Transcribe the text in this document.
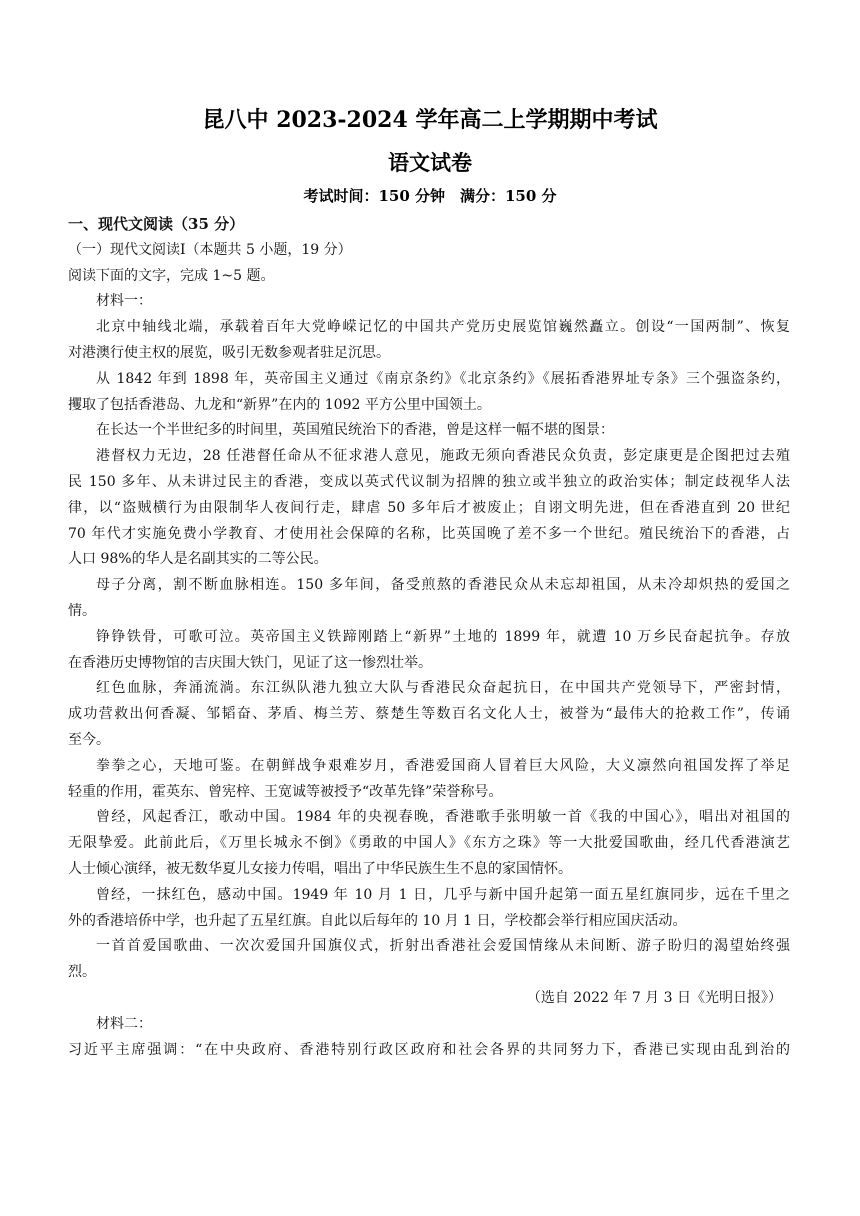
昆八中 2023-2024 学年高二上学期期中考试
语文试卷
考试时间：150 分钟　满分：150 分
一、现代文阅读（35 分）
（一）现代文阅读Ⅰ（本题共 5 小题，19 分）
阅读下面的文字，完成 1~5 题。
材料一：
北京中轴线北端，承载着百年大党峥嵘记忆的中国共产党历史展览馆巍然矗立。创设“一国两制”、恢复
对港澳行使主权的展览，吸引无数参观者驻足沉思。
从 1842 年到 1898 年，英帝国主义通过《南京条约》《北京条约》《展拓香港界址专条》三个强盗条约，
攫取了包括香港岛、九龙和“新界”在内的 1092 平方公里中国领土。
在长达一个半世纪多的时间里，英国殖民统治下的香港，曾是这样一幅不堪的图景：
港督权力无边，28 任港督任命从不征求港人意见，施政无须向香港民众负责，彭定康更是企图把过去殖
民 150 多年、从未讲过民主的香港，变成以英式代议制为招牌的独立或半独立的政治实体；制定歧视华人法
律，以“盗贼横行为由限制华人夜间行走，肆虐 50 多年后才被废止；自诩文明先进，但在香港直到 20 世纪
70 年代才实施免费小学教育、才使用社会保障的名称，比英国晚了差不多一个世纪。殖民统治下的香港，占
人口 98%的华人是名副其实的二等公民。
母子分离，割不断血脉相连。150 多年间，备受煎熬的香港民众从未忘却祖国，从未冷却炽热的爱国之
情。
铮铮铁骨，可歌可泣。英帝国主义铁蹄刚踏上“新界”土地的 1899 年，就遭 10 万乡民奋起抗争。存放
在香港历史博物馆的吉庆围大铁门，见证了这一惨烈壮举。
红色血脉，奔涌流淌。东江纵队港九独立大队与香港民众奋起抗日，在中国共产党领导下，严密封情，
成功营救出何香凝、邹韬奋、茅盾、梅兰芳、蔡楚生等数百名文化人士，被誉为“最伟大的抢救工作”，传诵
至今。
拳拳之心，天地可鉴。在朝鲜战争艰难岁月，香港爱国商人冒着巨大风险，大义凛然向祖国发挥了举足
轻重的作用，霍英东、曾宪梓、王宽诚等被授予“改革先锋”荣誉称号。
曾经，风起香江，歌动中国。1984 年的央视春晚，香港歌手张明敏一首《我的中国心》，唱出对祖国的
无限挚爱。此前此后，《万里长城永不倒》《勇敢的中国人》《东方之珠》等一大批爱国歌曲，经几代香港演艺
人士倾心演绎，被无数华夏儿女接力传唱，唱出了中华民族生生不息的家国情怀。
曾经，一抹红色，感动中国。1949 年 10 月 1 日，几乎与新中国升起第一面五星红旗同步，远在千里之
外的香港培侨中学，也升起了五星红旗。自此以后每年的 10 月 1 日，学校都会举行相应国庆活动。
一首首爱国歌曲、一次次爱国升国旗仪式，折射出香港社会爱国情缘从未间断、游子盼归的渴望始终强
烈。
（选自 2022 年 7 月 3 日《光明日报》）
材料二：
习近平主席强调：“在中央政府、香港特别行政区政府和社会各界的共同努力下，香港已实现由乱到治的
